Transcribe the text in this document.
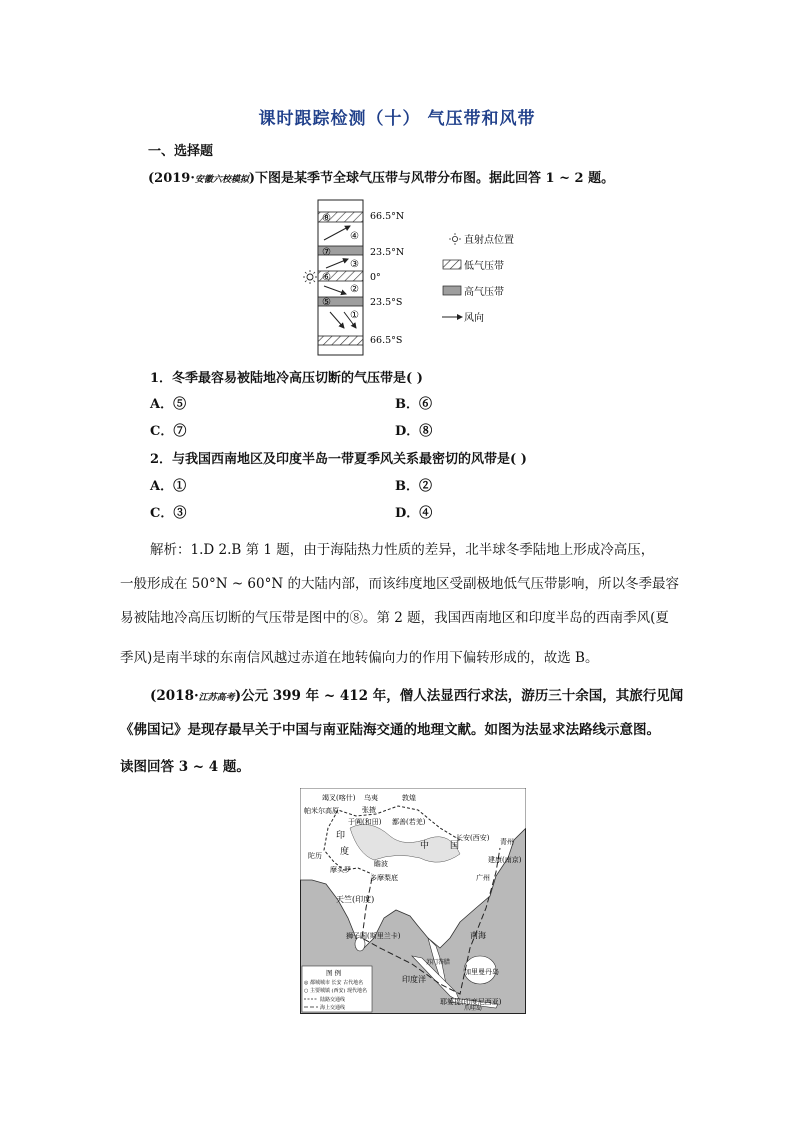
课时跟踪检测（十） 气压带和风带
一、选择题
(2019·安徽六校模拟)下图是某季节全球气压带与风带分布图。据此回答 1 ~ 2 题。
⑧
④
⑦
③
⑥
②
⑤
①
66.5°N
23.5°N
0°
23.5°S
66.5°S
直射点位置
低气压带
高气压带
风向
1．冬季最容易被陆地冷高压切断的气压带是( )
A．⑤	B．⑥
C．⑦	D．⑧
2．与我国西南地区及印度半岛一带夏季风关系最密切的风带是( )
A．①	B．②
C．③	D．④
解析：1.D 2.B 第 1 题，由于海陆热力性质的差异，北半球冬季陆地上形成冷高压，
一般形成在 50°N ~ 60°N 的大陆内部，而该纬度地区受副极地低气压带影响，所以冬季最容
易被陆地冷高压切断的气压带是图中的⑧。第 2 题，我国西南地区和印度半岛的西南季风(夏
季风)是南半球的东南信风越过赤道在地转偏向力的作用下偏转形成的，故选 B。
(2018·江苏高考)公元 399 年 ~ 412 年，僧人法显西行求法，游历三十余国，其旅行见闻
《佛国记》是现存最早关于中国与南亚陆海交通的地理文献。如图为法显求法路线示意图。
读图回答 3 ~ 4 题。
竭叉(喀什) 乌夷
帕米尔高原
于阗(和田) 鄯善(若羌)
敦煌
张掖
长安(西安)
建康(南京)
广州
青州
中 国
印
度
陀历
摩头罗
瞻波
多摩梨底
天竺(印度)
狮子国(斯里兰卡)	南海
加里曼丹岛
耶婆提(印度尼西亚)
印度洋
爪哇岛
苏门答腊
图 例
◎ 都城城市 长安 古代地名
○ 主要城镇 (西安) 现代地名
陆路交通线
海上交通线
